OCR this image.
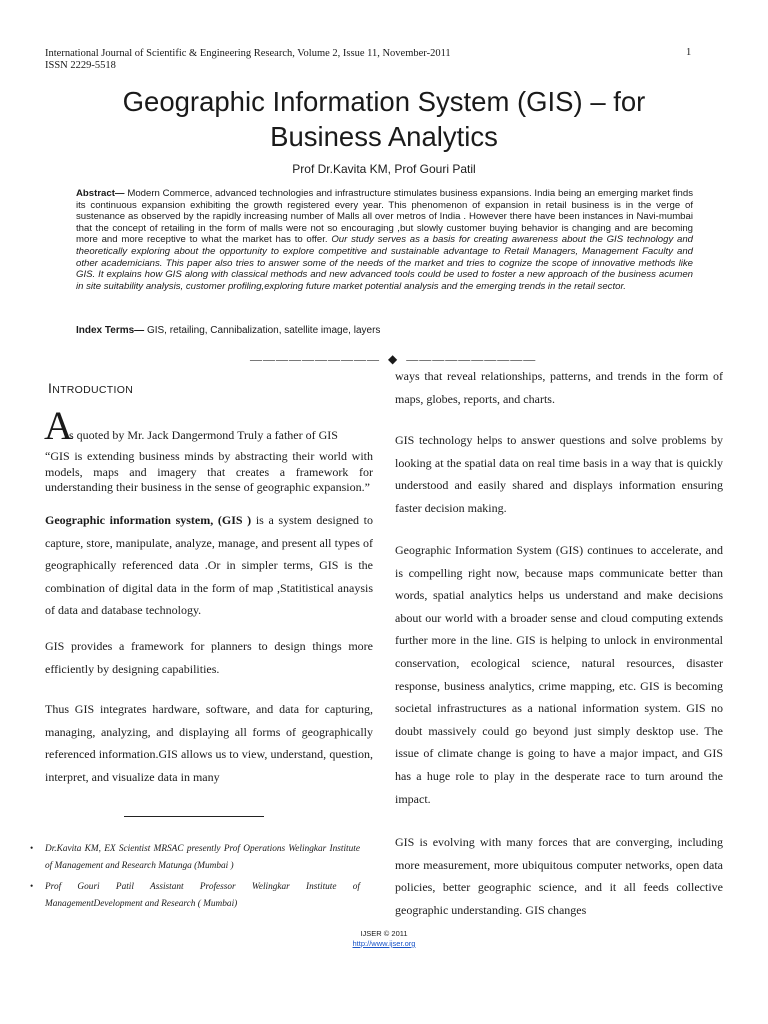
International Journal of Scientific & Engineering Research, Volume 2, Issue 11, November-2011
ISSN 2229-5518
1
Geographic Information System (GIS) – for
Business Analytics
Prof Dr.Kavita KM, Prof Gouri Patil
Abstract— Modern Commerce, advanced technologies and infrastructure stimulates business expansions. India being an emerging market finds its continuous expansion exhibiting the growth registered every year. This phenomenon of expansion in retail business is in the verge of sustenance as observed by the rapidly increasing number of Malls all over metros of India . However there have been instances in Navi-mumbai that the concept of retailing in the form of malls were not so encouraging ,but slowly customer buying behavior is changing and are becoming more and more receptive to what the market has to offer. Our study serves as a basis for creating awareness about the GIS technology and theoretically exploring about the opportunity to explore competitive and sustainable advantage to Retail Managers, Management Faculty and other academicians. This paper also tries to answer some of the needs of the market and tries to cognize the scope of innovative methods like GIS. It explains how GIS along with classical methods and new advanced tools could be used to foster a new approach of the business acumen in site suitability analysis, customer profiling,exploring future market potential analysis and the emerging trends in the retail sector.
Index Terms— GIS, retailing, Cannibalization, satellite image, layers
——————————  ◆  ——————————
INTRODUCTION
A
s quoted by Mr. Jack Dangermond Truly a father of GIS
“GIS is extending business minds by abstracting their world with models, maps and imagery that creates a framework for understanding their business in the sense of geographic expansion.”
Geographic information system, (GIS ) is a system designed to capture, store, manipulate, analyze, manage, and present all types of geographically referenced data .Or in simpler terms, GIS is the combination of digital data in the form of map ,Statitistical anaysis of data and database technology.
GIS provides a framework for planners to design things more efficiently by designing capabilities.
Thus GIS integrates hardware, software, and data for capturing, managing, analyzing, and displaying all forms of geographically referenced information.GIS allows us to view, understand, question, interpret, and visualize data in many
• Dr.Kavita KM, EX Scientist MRSAC presently Prof Operations Welingkar Institute of Management and Research Matunga (Mumbai )
• Prof Gouri Patil Assistant Professor Welingkar Institute of ManagementDevelopment and Research ( Mumbai)
ways that reveal relationships, patterns, and trends in the form of maps, globes, reports, and charts.
GIS technology helps to answer questions and solve problems by looking at the spatial data on real time basis in a way that is quickly understood and easily shared and displays information ensuring faster decision making.
Geographic Information System (GIS) continues to accelerate, and is compelling right now, because maps communicate better than words, spatial analytics helps us understand and make decisions about our world with a broader sense and cloud computing extends further more in the line. GIS is helping to unlock in environmental conservation, ecological science, natural resources, disaster response, business analytics, crime mapping, etc. GIS is becoming societal infrastructures as a national information system. GIS no doubt massively could go beyond just simply desktop use. The issue of climate change is going to have a major impact, and GIS has a huge role to play in the desperate race to turn around the impact.
GIS is evolving with many forces that are converging, including more measurement, more ubiquitous computer networks, open data policies, better geographic science, and it all feeds collective geographic understanding. GIS changes
IJSER © 2011
http://www.ijser.org
